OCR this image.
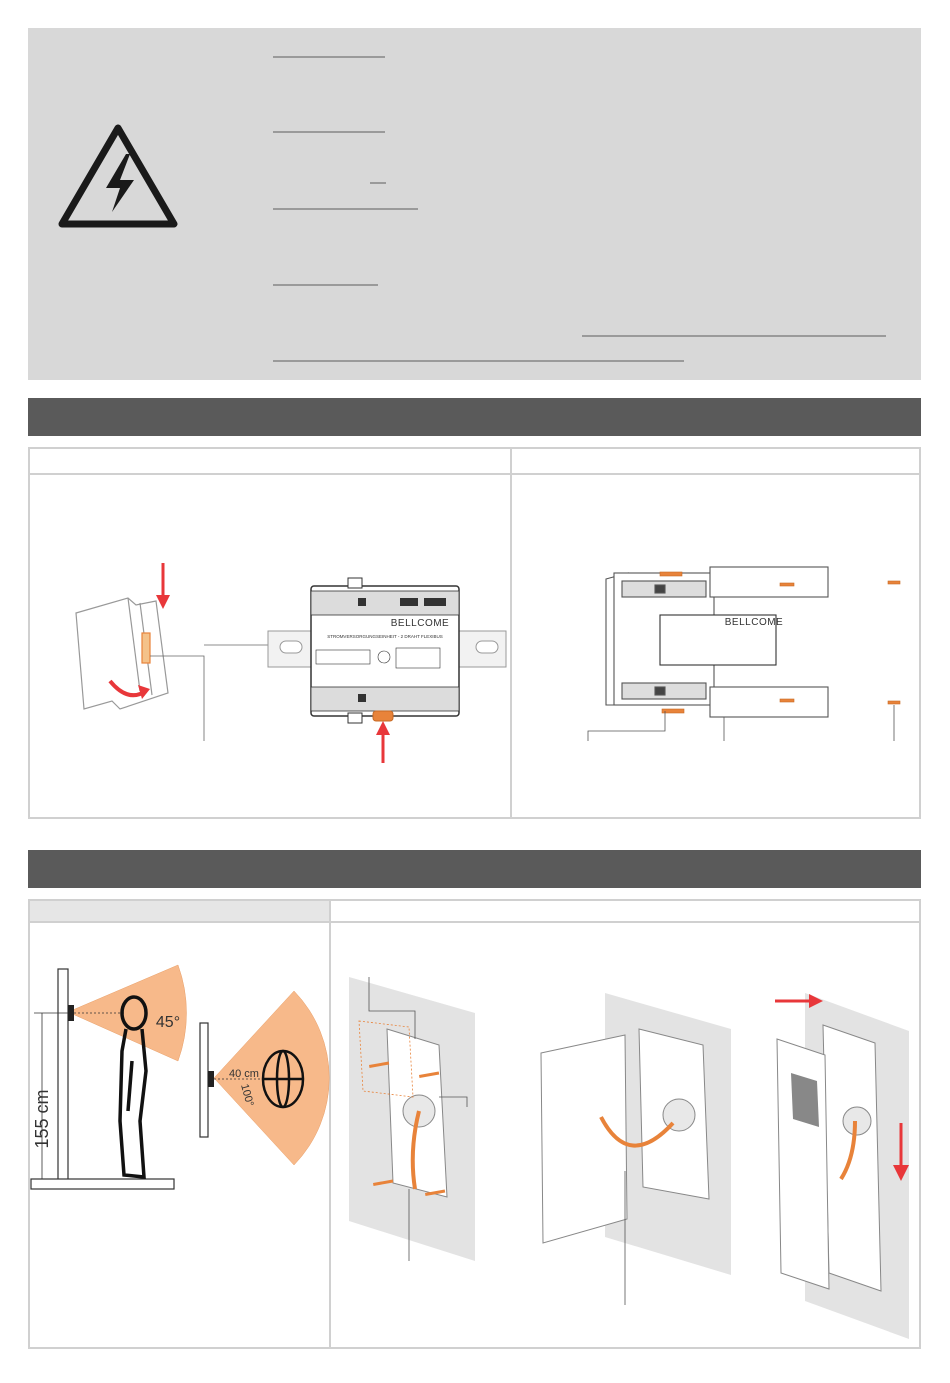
BELLCOME
STROMVERSORGUNGSEINHEIT - 2 DRAHT FLEXIBUS
BELLCOME
45°
155 cm
40 cm
100°
